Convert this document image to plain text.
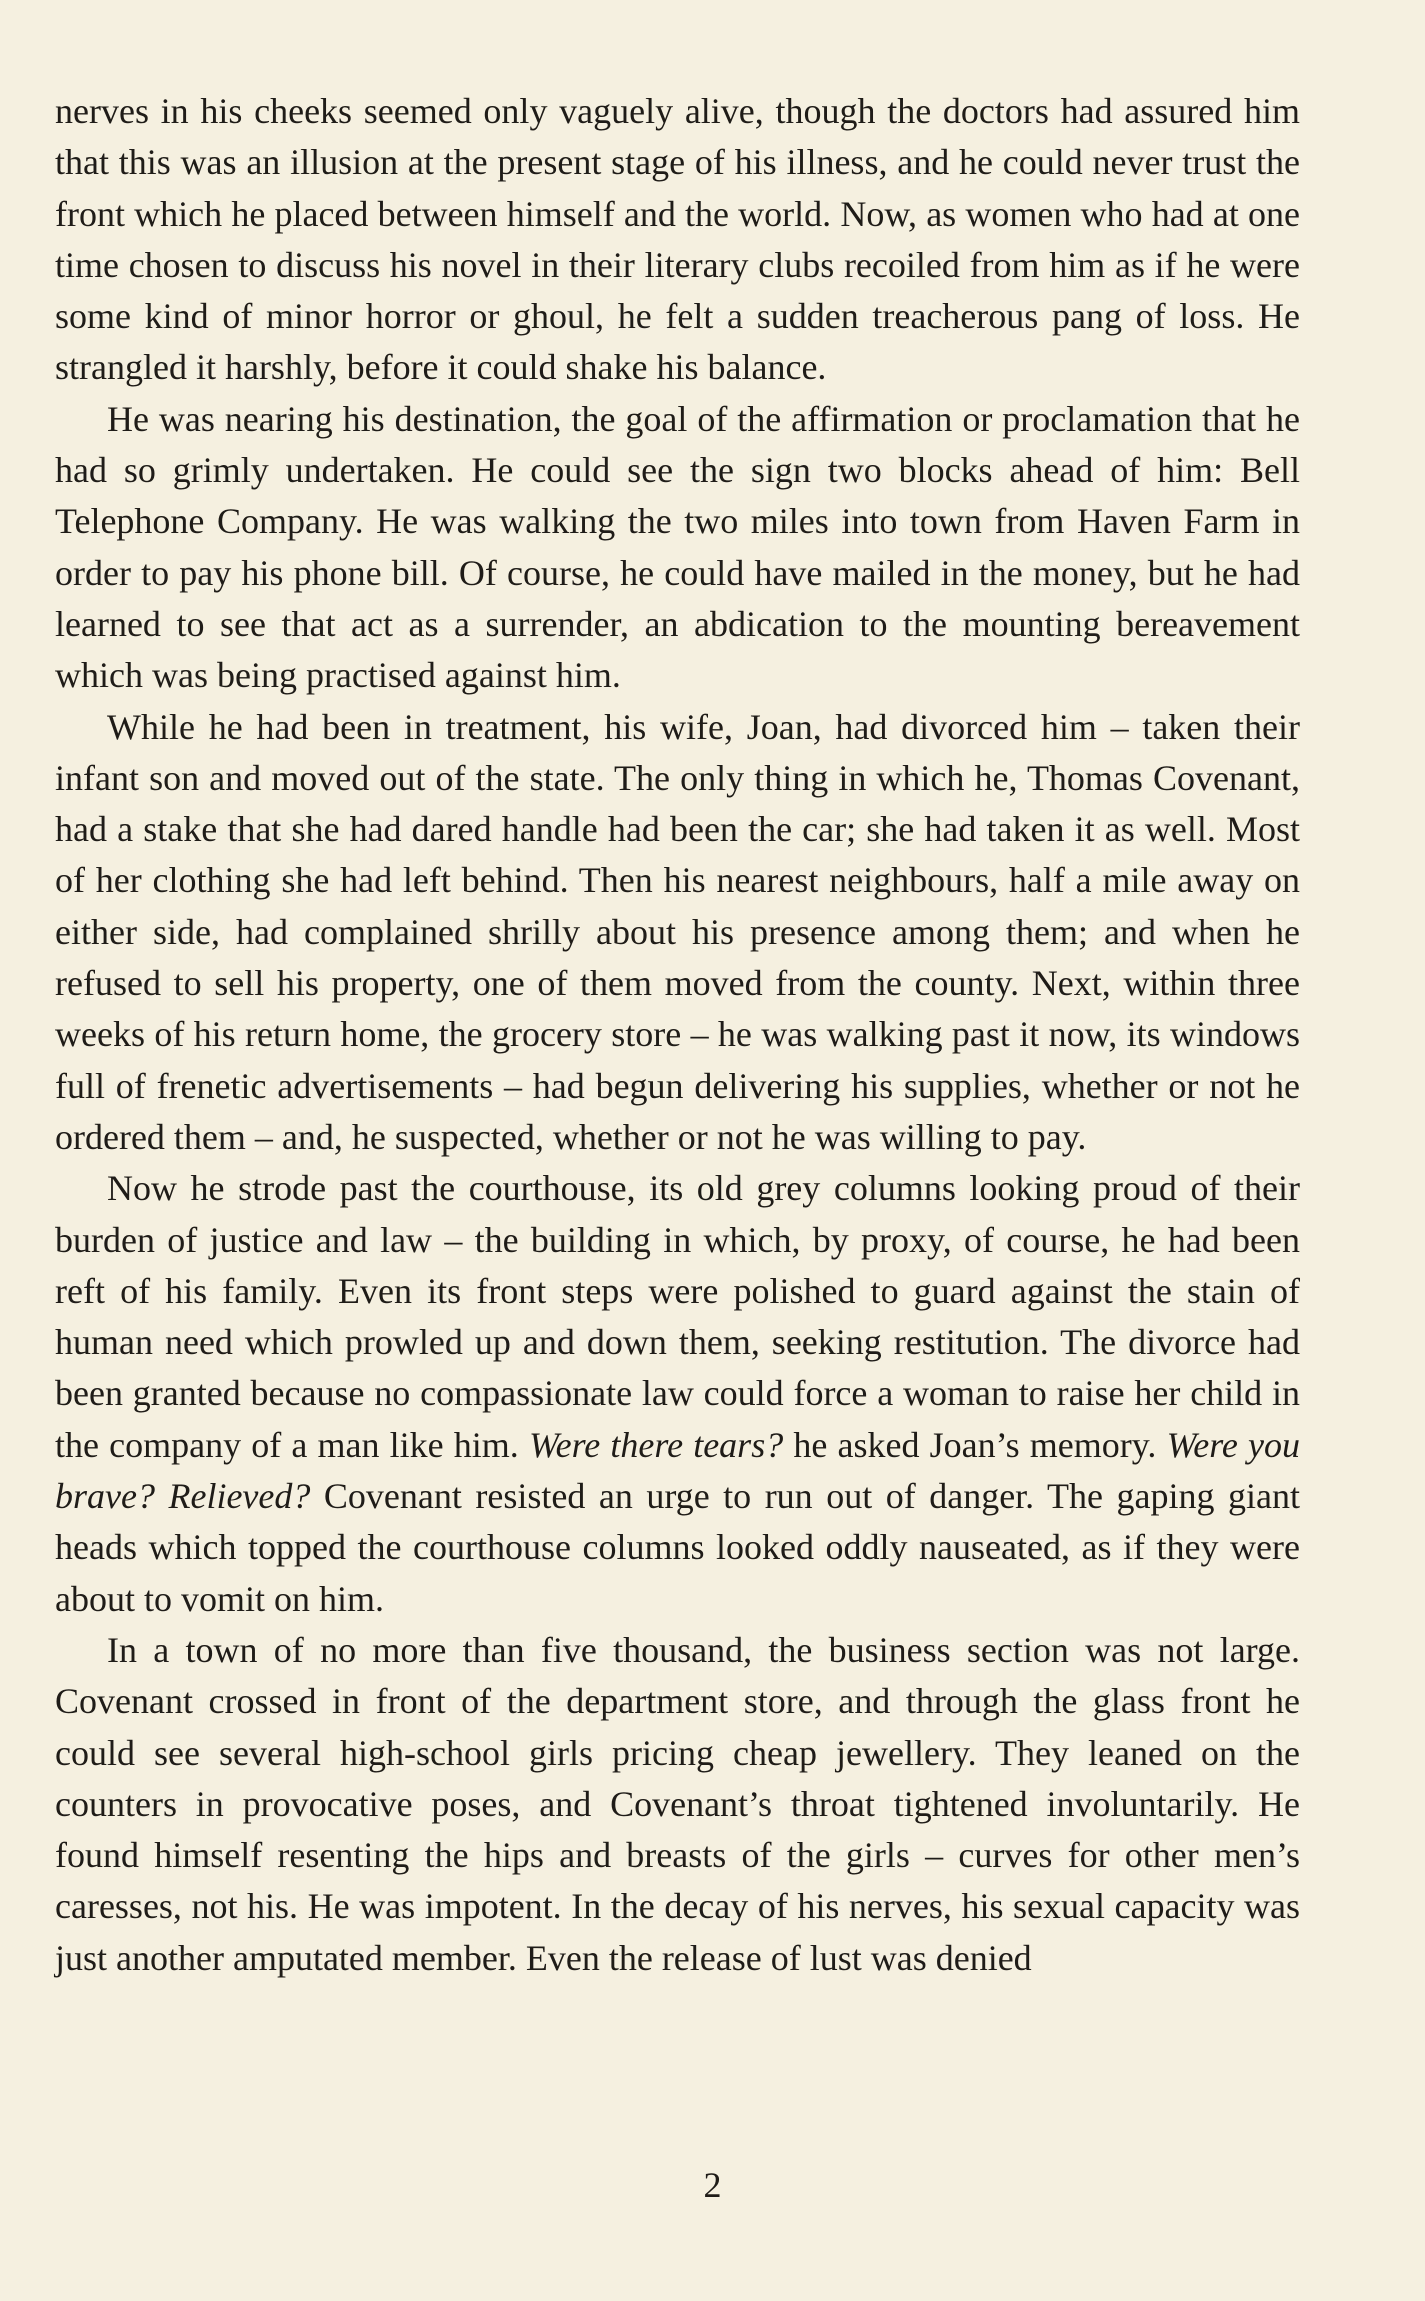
nerves in his cheeks seemed only vaguely alive, though the doctors had assured him that this was an illusion at the present stage of his illness, and he could never trust the front which he placed between himself and the world. Now, as women who had at one time chosen to discuss his novel in their literary clubs recoiled from him as if he were some kind of minor horror or ghoul, he felt a sudden treacherous pang of loss. He strangled it harshly, before it could shake his balance.

He was nearing his destination, the goal of the affirmation or proclamation that he had so grimly undertaken. He could see the sign two blocks ahead of him: Bell Telephone Company. He was walking the two miles into town from Haven Farm in order to pay his phone bill. Of course, he could have mailed in the money, but he had learned to see that act as a surrender, an abdication to the mounting bereavement which was being practised against him.

While he had been in treatment, his wife, Joan, had divorced him – taken their infant son and moved out of the state. The only thing in which he, Thomas Covenant, had a stake that she had dared handle had been the car; she had taken it as well. Most of her clothing she had left behind. Then his nearest neighbours, half a mile away on either side, had complained shrilly about his presence among them; and when he refused to sell his property, one of them moved from the county. Next, within three weeks of his return home, the grocery store – he was walking past it now, its windows full of frenetic advertisements – had begun delivering his supplies, whether or not he ordered them – and, he suspected, whether or not he was willing to pay.

Now he strode past the courthouse, its old grey columns looking proud of their burden of justice and law – the building in which, by proxy, of course, he had been reft of his family. Even its front steps were polished to guard against the stain of human need which prowled up and down them, seeking restitution. The divorce had been granted because no compassionate law could force a woman to raise her child in the company of a man like him. Were there tears? he asked Joan’s memory. Were you brave? Relieved? Covenant resisted an urge to run out of danger. The gaping giant heads which topped the courthouse columns looked oddly nauseated, as if they were about to vomit on him.

In a town of no more than five thousand, the business section was not large. Covenant crossed in front of the department store, and through the glass front he could see several high-school girls pricing cheap jewellery. They leaned on the counters in provocative poses, and Covenant’s throat tightened involuntarily. He found himself resenting the hips and breasts of the girls – curves for other men’s caresses, not his. He was impotent. In the decay of his nerves, his sexual capacity was just another amputated member. Even the release of lust was denied

2
